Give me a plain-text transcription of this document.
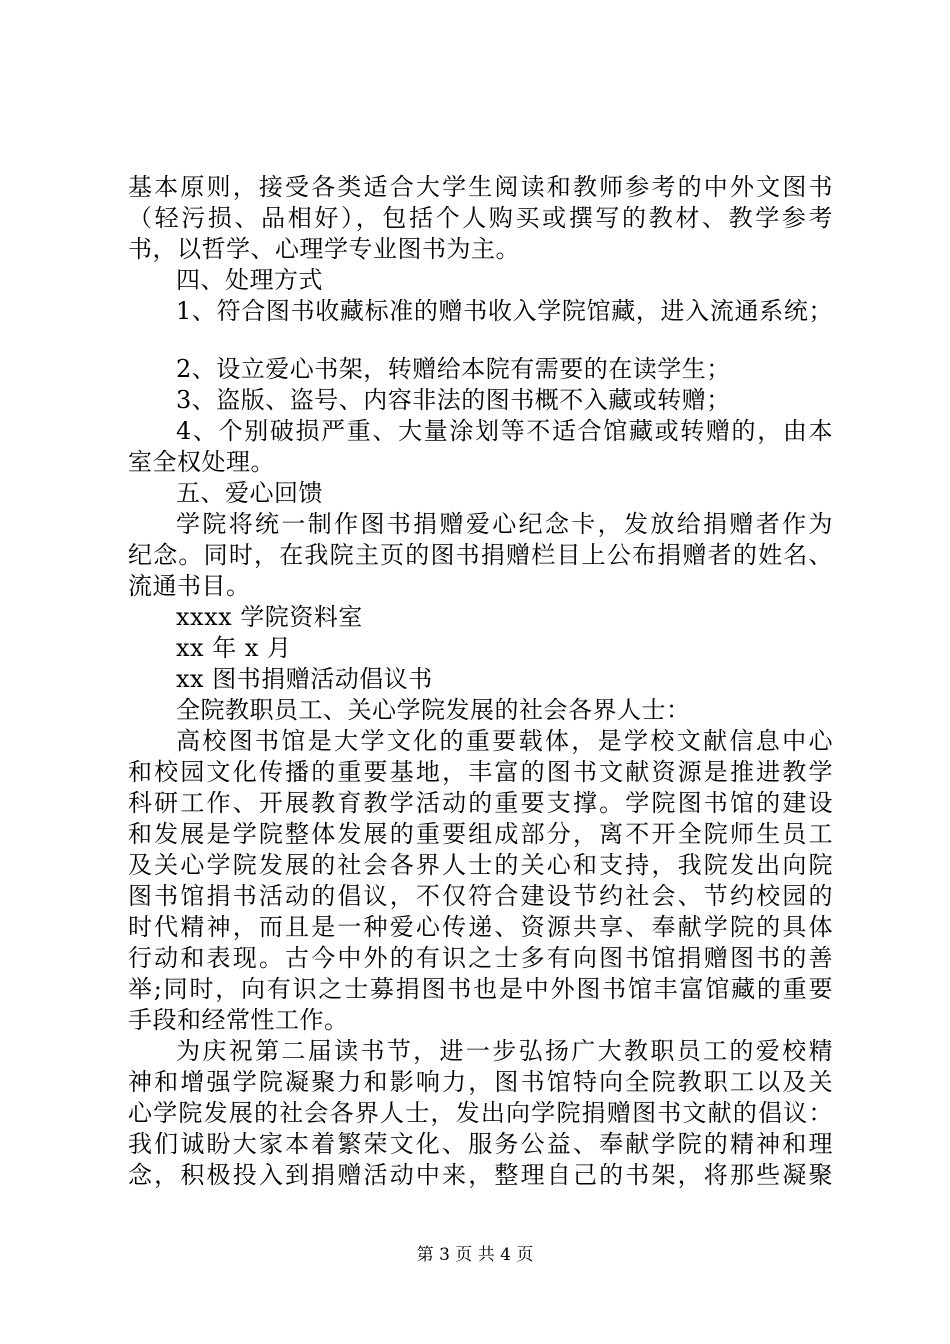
基本原则，接受各类适合大学生阅读和教师参考的中外文图书

（轻污损、品相好），包括个人购买或撰写的教材、教学参考

书，以哲学、心理学专业图书为主。

四、处理方式

1、符合图书收藏标准的赠书收入学院馆藏，进入流通系统；

2、设立爱心书架，转赠给本院有需要的在读学生；

3、盗版、盗号、内容非法的图书概不入藏或转赠；

4、个别破损严重、大量涂划等不适合馆藏或转赠的，由本

室全权处理。

五、爱心回馈

学院将统一制作图书捐赠爱心纪念卡，发放给捐赠者作为

纪念。同时，在我院主页的图书捐赠栏目上公布捐赠者的姓名、

流通书目。

xxxx 学院资料室

xx 年 x 月

xx 图书捐赠活动倡议书

全院教职员工、关心学院发展的社会各界人士：

高校图书馆是大学文化的重要载体，是学校文献信息中心

和校园文化传播的重要基地，丰富的图书文献资源是推进教学

科研工作、开展教育教学活动的重要支撑。学院图书馆的建设

和发展是学院整体发展的重要组成部分，离不开全院师生员工

及关心学院发展的社会各界人士的关心和支持，我院发出向院

图书馆捐书活动的倡议，不仅符合建设节约社会、节约校园的

时代精神，而且是一种爱心传递、资源共享、奉献学院的具体

行动和表现。古今中外的有识之士多有向图书馆捐赠图书的善

举;同时，向有识之士募捐图书也是中外图书馆丰富馆藏的重要

手段和经常性工作。

为庆祝第二届读书节，进一步弘扬广大教职员工的爱校精

神和增强学院凝聚力和影响力，图书馆特向全院教职工以及关

心学院发展的社会各界人士，发出向学院捐赠图书文献的倡议：

我们诚盼大家本着繁荣文化、服务公益、奉献学院的精神和理

念，积极投入到捐赠活动中来，整理自己的书架，将那些凝聚

第 3 页 共 4 页
